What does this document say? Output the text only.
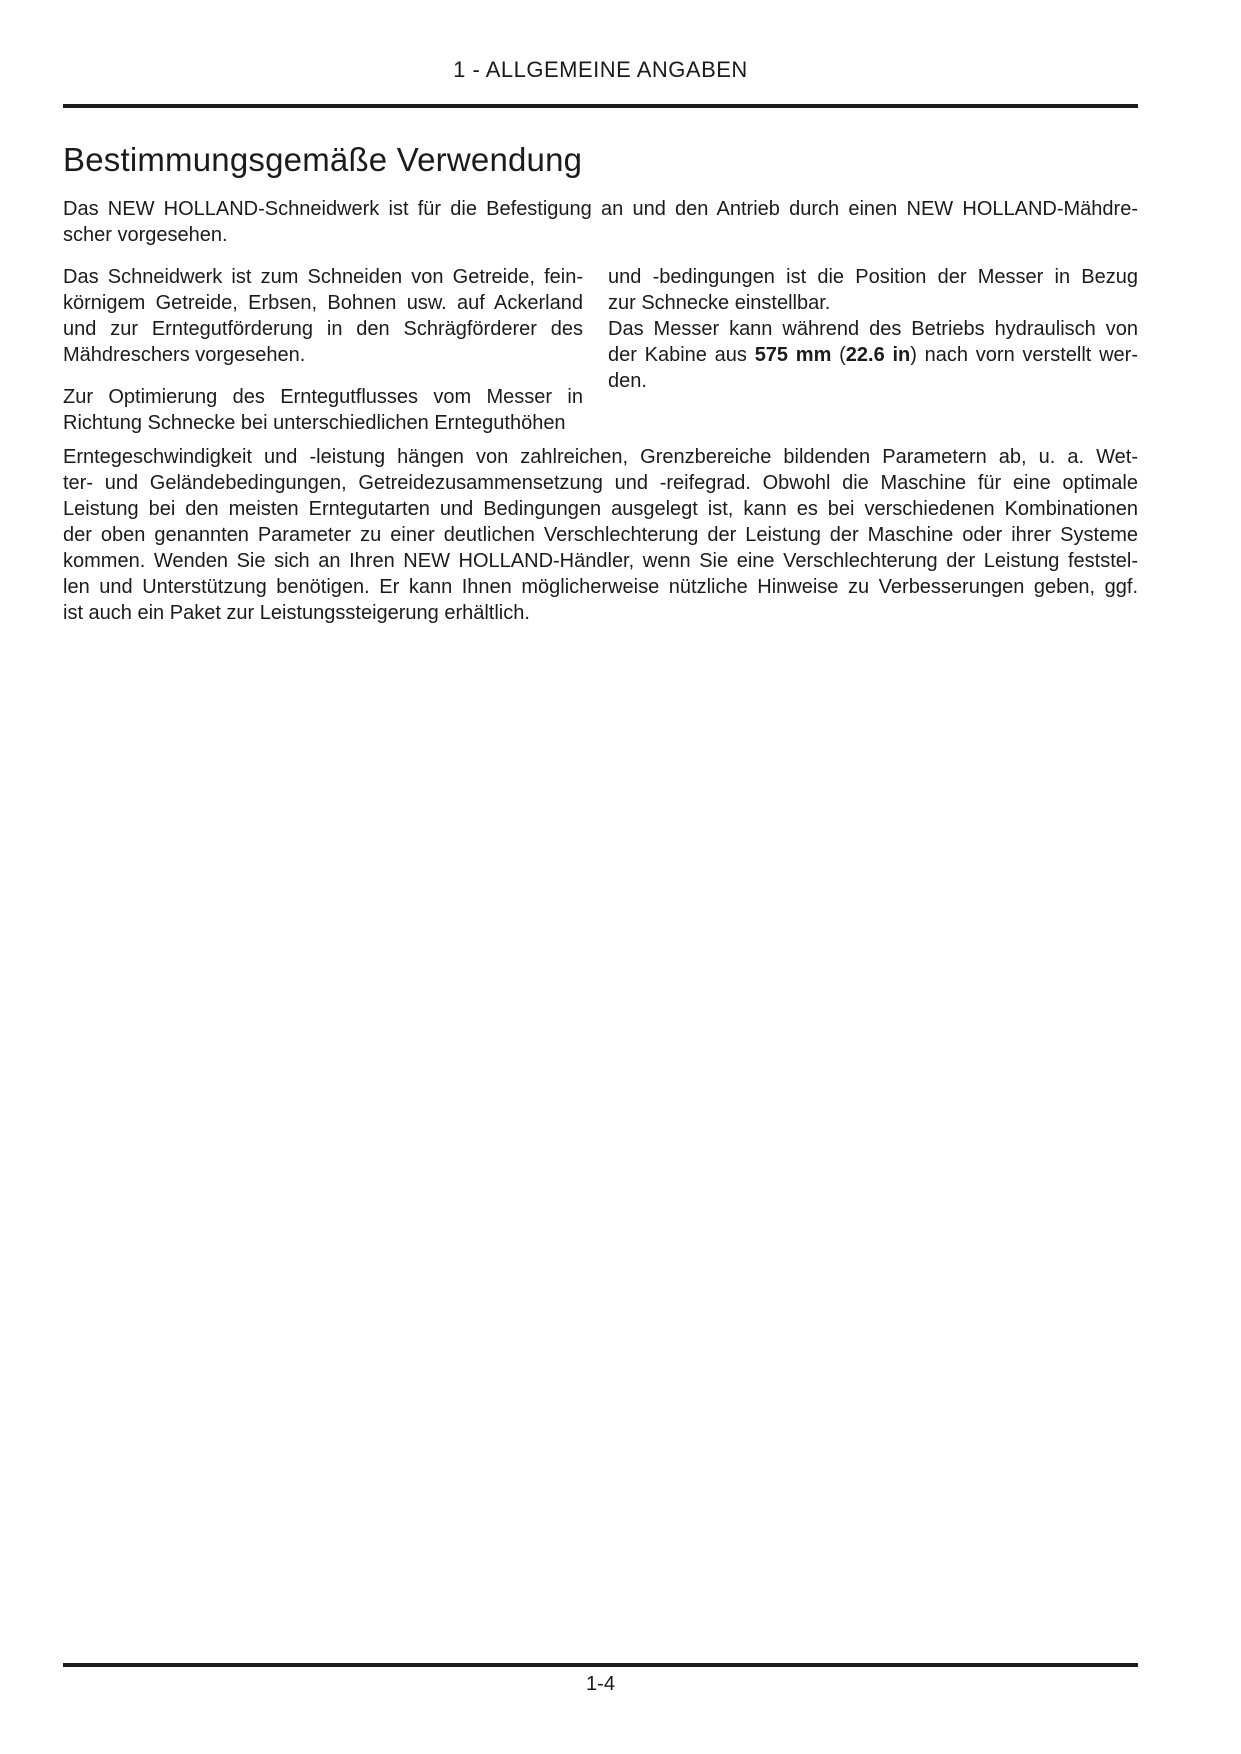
1 - ALLGEMEINE ANGABEN
Bestimmungsgemäße Verwendung
Das NEW HOLLAND-Schneidwerk ist für die Befestigung an und den Antrieb durch einen NEW HOLLAND-Mähdre-
scher vorgesehen.
Das Schneidwerk ist zum Schneiden von Getreide, fein-
körnigem Getreide, Erbsen, Bohnen usw. auf Ackerland
und zur Erntegutförderung in den Schrägförderer des
Mähdreschers vorgesehen.
Zur Optimierung des Erntegutflusses vom Messer in
Richtung Schnecke bei unterschiedlichen Ernteguthöhen
und -bedingungen ist die Position der Messer in Bezug
zur Schnecke einstellbar.
Das Messer kann während des Betriebs hydraulisch von
der Kabine aus 575 mm (22.6 in) nach vorn verstellt wer-
den.
Erntegeschwindigkeit und -leistung hängen von zahlreichen, Grenzbereiche bildenden Parametern ab, u. a. Wet-
ter- und Geländebedingungen, Getreidezusammensetzung und -reifegrad. Obwohl die Maschine für eine optimale
Leistung bei den meisten Erntegutarten und Bedingungen ausgelegt ist, kann es bei verschiedenen Kombinationen
der oben genannten Parameter zu einer deutlichen Verschlechterung der Leistung der Maschine oder ihrer Systeme
kommen. Wenden Sie sich an Ihren NEW HOLLAND-Händler, wenn Sie eine Verschlechterung der Leistung feststel-
len und Unterstützung benötigen. Er kann Ihnen möglicherweise nützliche Hinweise zu Verbesserungen geben, ggf.
ist auch ein Paket zur Leistungssteigerung erhältlich.
1-4
